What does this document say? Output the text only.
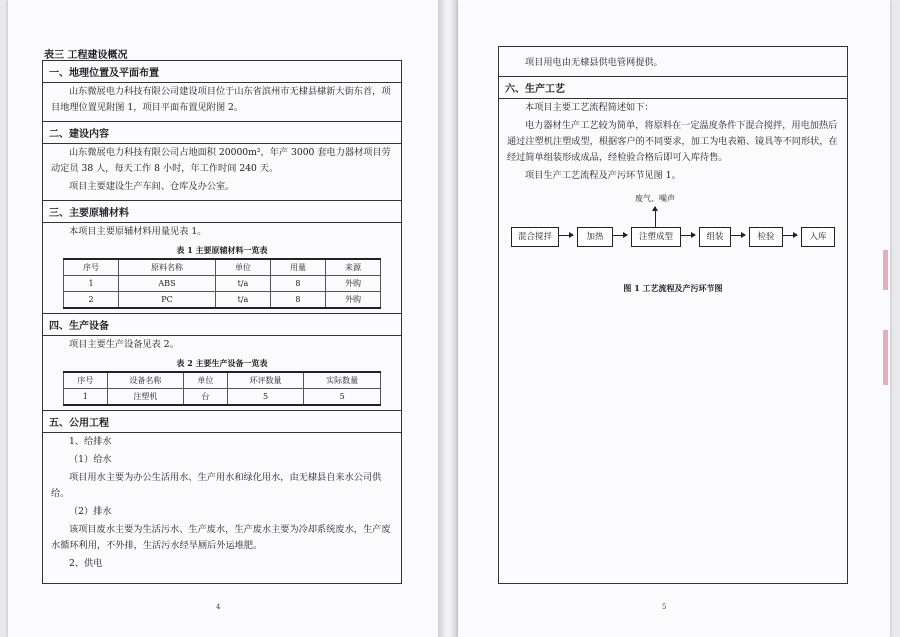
表三 工程建设概况
一、地理位置及平面布置
山东微展电力科技有限公司建设项目位于山东省滨州市无棣县棣新大街东首，项目地理位置见附图 1，项目平面布置见附图 2。
二、建设内容
山东微展电力科技有限公司占地面积 20000m²，年产 3000 套电力器材项目劳动定员 38 人，每天工作 8 小时，年工作时间 240 天。
项目主要建设生产车间、仓库及办公室。
三、主要原辅材料
本项目主要原辅材料用量见表 1。
表 1 主要原辅材料一览表
序号	原料名称	单位	用量	来源
1	ABS	t/a	8	外购
2	PC	t/a	8	外购
四、生产设备
项目主要生产设备见表 2。
表 2 主要生产设备一览表
序号	设备名称	单位	环评数量	实际数量
1	注塑机	台	5	5
五、公用工程
1、给排水
（1）给水
项目用水主要为办公生活用水、生产用水和绿化用水，由无棣县自来水公司供给。
（2）排水
该项目废水主要为生活污水、生产废水，生产废水主要为冷却系统废水，生产废水循环利用，不外排，生活污水经旱厕后外运堆肥。
2、供电
4
项目用电由无棣县供电管网提供。
六、生产工艺
本项目主要工艺流程简述如下：
电力器材生产工艺较为简单，将原料在一定温度条件下混合搅拌，用电加热后通过注塑机注塑成型，根据客户的不同要求，加工为电表箱、镜具等不同形状，在经过简单组装形成成品，经检验合格后即可入库待售。
项目生产工艺流程及产污环节见图 1。
废气、噪声
混合搅拌	加热	注塑成型	组装	检验	入库
图 1 工艺流程及产污环节图
5
